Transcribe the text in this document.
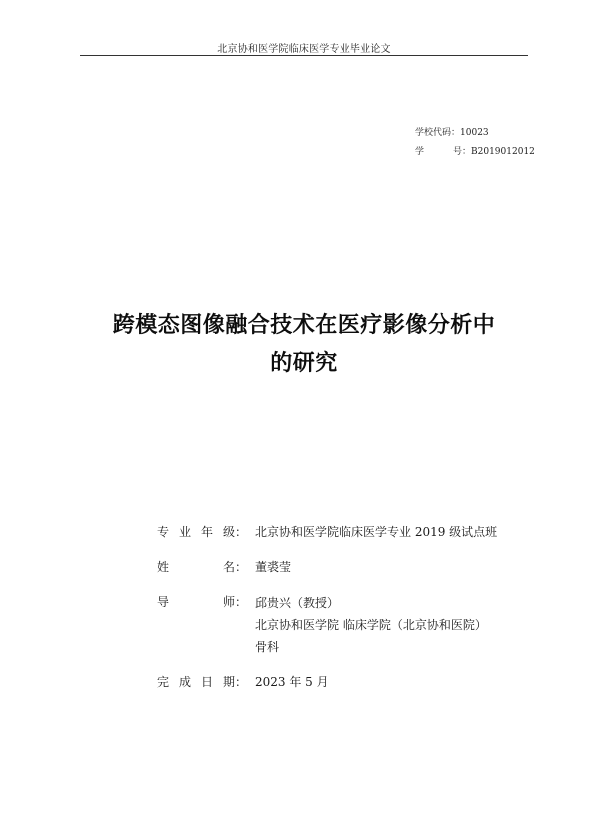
北京协和医学院临床医学专业毕业论文
学校代码： 10023
学	号 ： B2019012012
跨模态图像融合技术在医疗影像分析中
的研究
专 业 年 级 ： 北京协和医学院临床医学专业 2019 级试点班
姓	名 ： 董裘莹
导	师 ： 邱贵兴（教授）
北京协和医学院 临床学院（北京协和医院）
骨科
完 成 日 期 ： 2023 年 5 月
